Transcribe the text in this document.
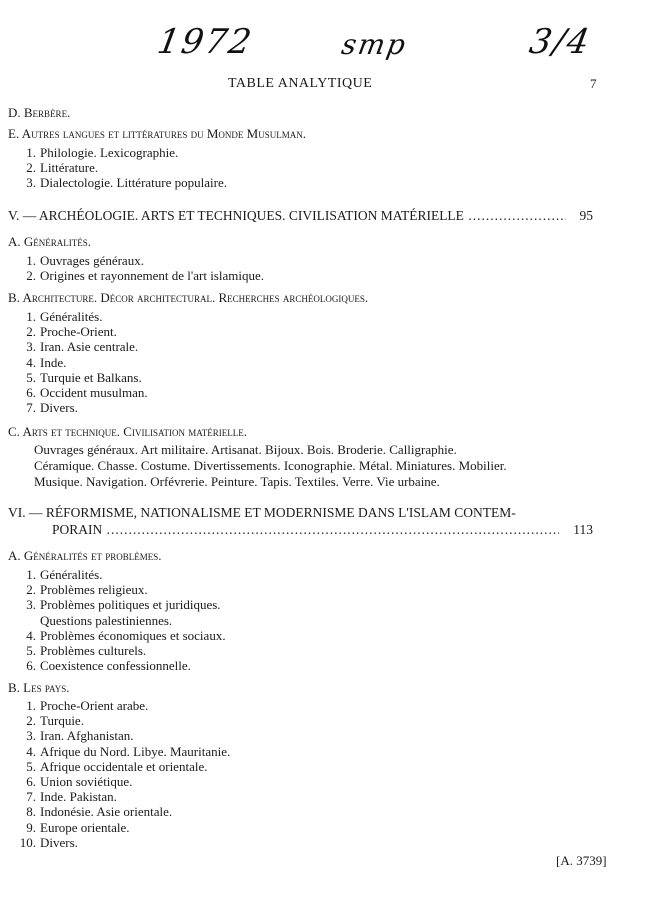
1972	smp	3/4
TABLE ANALYTIQUE	7
D. Berbère.
E. Autres langues et littératures du Monde Musulman.
V. — ARCHÉOLOGIE. ARTS ET TECHNIQUES. CIVILISATION MATÉRIELLE .....	95
A. Généralités.
B. Architecture. Décor architectural. Recherches archéologiques.
C. Arts et technique. Civilisation matérielle.
Ouvrages généraux. Art militaire. Artisanat. Bijoux. Bois. Broderie. Calligraphie.
Céramique. Chasse. Costume. Divertissements. Iconographie. Métal. Miniatures. Mobilier.
Musique. Navigation. Orfévrerie. Peinture. Tapis. Textiles. Verre. Vie urbaine.
VI. — RÉFORMISME, NATIONALISME ET MODERNISME DANS L'ISLAM CONTEM-
PORAIN .....	113
A. Généralités et problèmes.
B. Les pays.
[A. 3739]
1. Philologie. Lexicographie.
2. Littérature.
3. Dialectologie. Littérature populaire.
1. Ouvrages généraux.
2. Origines et rayonnement de l'art islamique.
1. Généralités.
2. Proche-Orient.
3. Iran. Asie centrale.
4. Inde.
5. Turquie et Balkans.
6. Occident musulman.
7. Divers.
1. Généralités.
2. Problèmes religieux.
3. Problèmes politiques et juridiques.
Questions palestiniennes.
4. Problèmes économiques et sociaux.
5. Problèmes culturels.
6. Coexistence confessionnelle.
1. Proche-Orient arabe.
2. Turquie.
3. Iran. Afghanistan.
4. Afrique du Nord. Libye. Mauritanie.
5. Afrique occidentale et orientale.
6. Union soviétique.
7. Inde. Pakistan.
8. Indonésie. Asie orientale.
9. Europe orientale.
10. Divers.
